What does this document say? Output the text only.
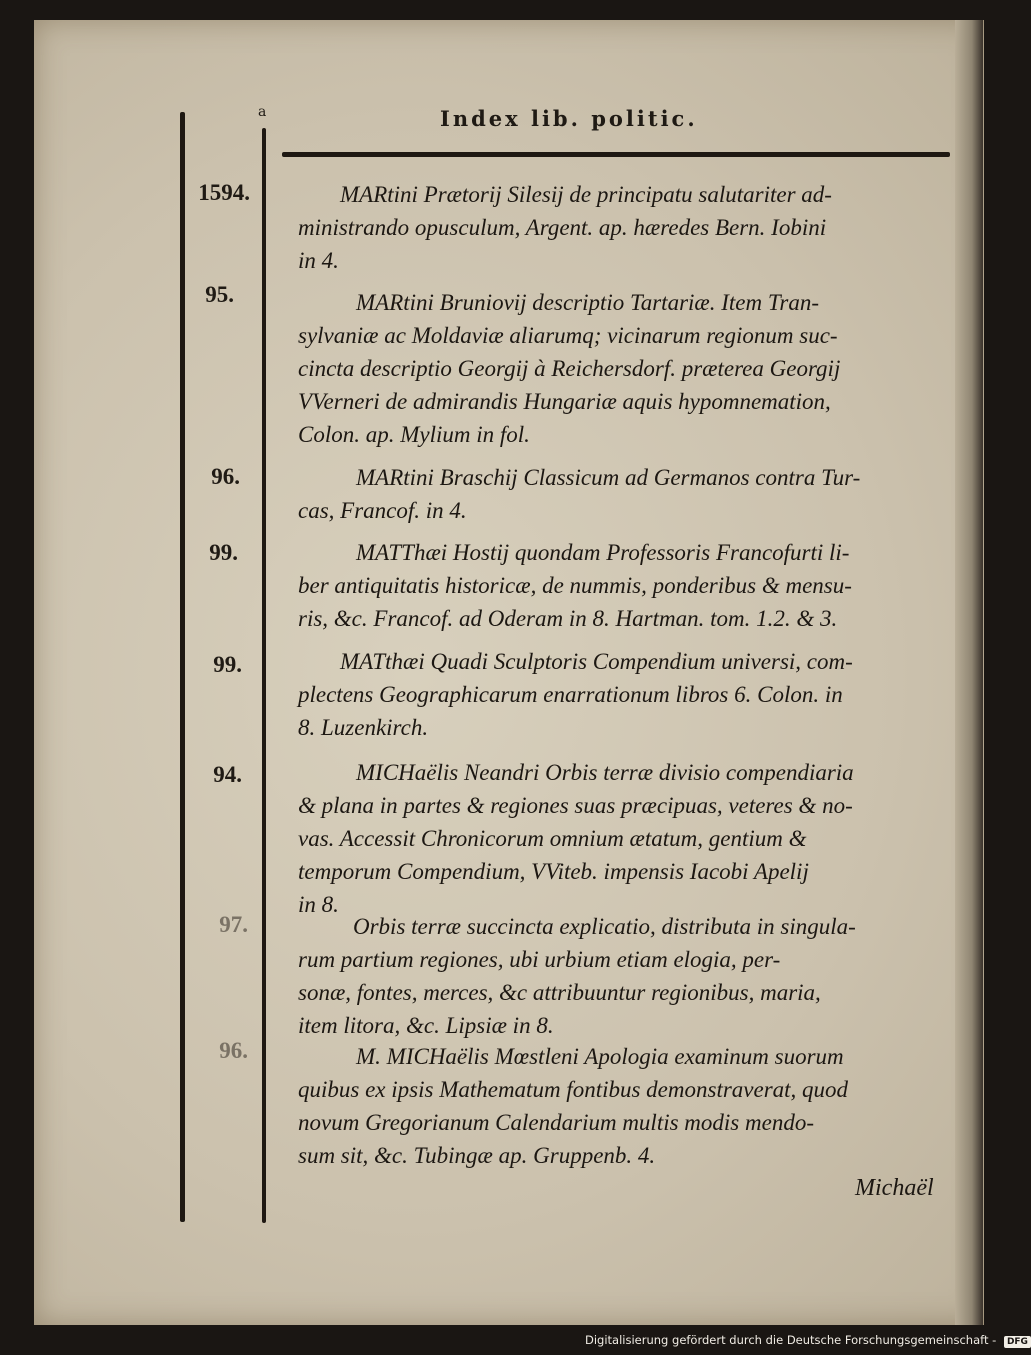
a	Index lib. politic.
1594.	MARtini Prætorij Silesij de principatu salutariter ad-
ministrando opusculum, Argent. ap. hæredes Bern. Iobini
in 4.
95.	MARtini Bruniovij descriptio Tartariæ. Item Tran-
sylvaniæ ac Moldaviæ aliarumq; vicinarum regionum suc-
cincta descriptio Georgij à Reichersdorf. præterea Georgij
VVerneri de admirandis Hungariæ aquis hypomnemation,
Colon. ap. Mylium in fol.
96.	MARtini Braschij Classicum ad Germanos contra Tur-
cas, Francof. in 4.
99.	MATThæi Hostij quondam Professoris Francofurti li-
ber antiquitatis historicæ, de nummis, ponderibus & mensu-
ris, &c. Francof. ad Oderam in 8. Hartman. tom. 1.2. & 3.
99.	MATthæi Quadi Sculptoris Compendium universi, com-
plectens Geographicarum enarrationum libros 6. Colon. in
8. Luzenkirch.
94.	MICHaëlis Neandri Orbis terræ divisio compendiaria
& plana in partes & regiones suas præcipuas, veteres & no-
vas. Accessit Chronicorum omnium ætatum, gentium &
temporum Compendium, VViteb. impensis Iacobi Apelij
in 8.
97.	Orbis terræ succincta explicatio, distributa in singula-
rum partium regiones, ubi urbium etiam elogia, per-
sonæ, fontes, merces, &c attribuuntur regionibus, maria,
item litora, &c. Lipsiæ in 8.
96.	M. MICHaëlis Mœstleni Apologia examinum suorum
quibus ex ipsis Mathematum fontibus demonstraverat, quod
novum Gregorianum Calendarium multis modis mendo-
sum sit, &c. Tubingæ ap. Gruppenb. 4.
Michaël
Digitalisierung gefördert durch die Deutsche Forschungsgemeinschaft - DFG
